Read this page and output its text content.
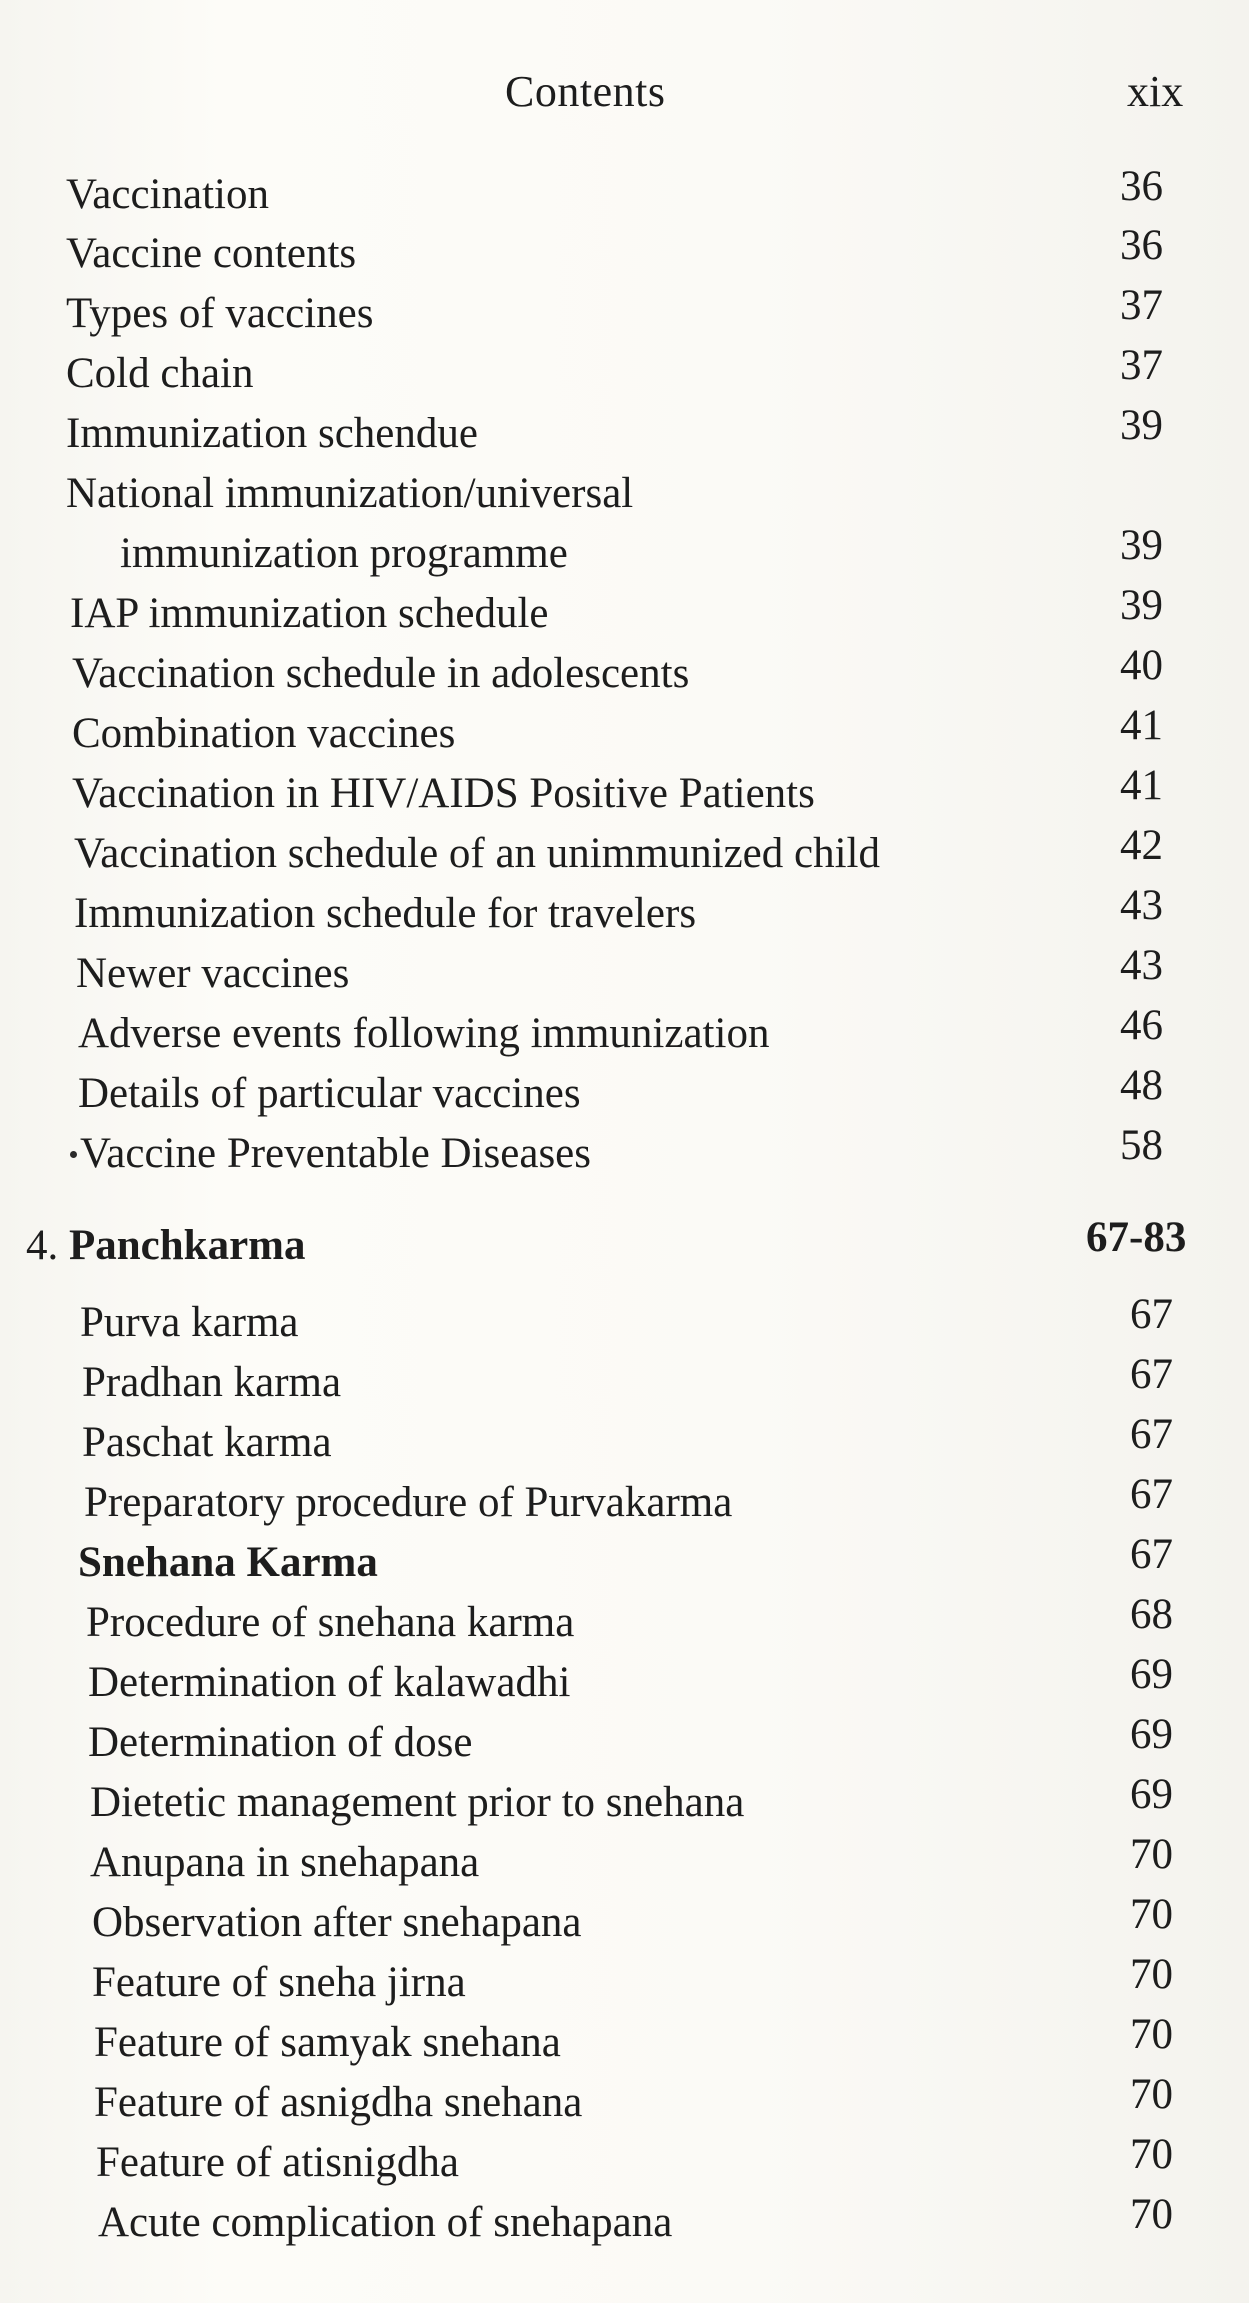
Contents	xix
Vaccination	36
Vaccine contents	36
Types of vaccines	37
Cold chain	37
Immunization schendue	39
National immunization/universal
immunization programme	39
IAP immunization schedule	39
Vaccination schedule in adolescents	40
Combination vaccines	41
Vaccination in HIV/AIDS Positive Patients	41
Vaccination schedule of an unimmunized child	42
Immunization schedule for travelers	43
Newer vaccines	43
Adverse events following immunization	46
Details of particular vaccines	48
Vaccine Preventable Diseases	58
4. Panchkarma	67-83
Purva karma	67
Pradhan karma	67
Paschat karma	67
Preparatory procedure of Purvakarma	67
Snehana Karma	67
Procedure of snehana karma	68
Determination of kalawadhi	69
Determination of dose	69
Dietetic management prior to snehana	69
Anupana in snehapana	70
Observation after snehapana	70
Feature of sneha jirna	70
Feature of samyak snehana	70
Feature of asnigdha snehana	70
Feature of atisnigdha	70
Acute complication of snehapana	70
